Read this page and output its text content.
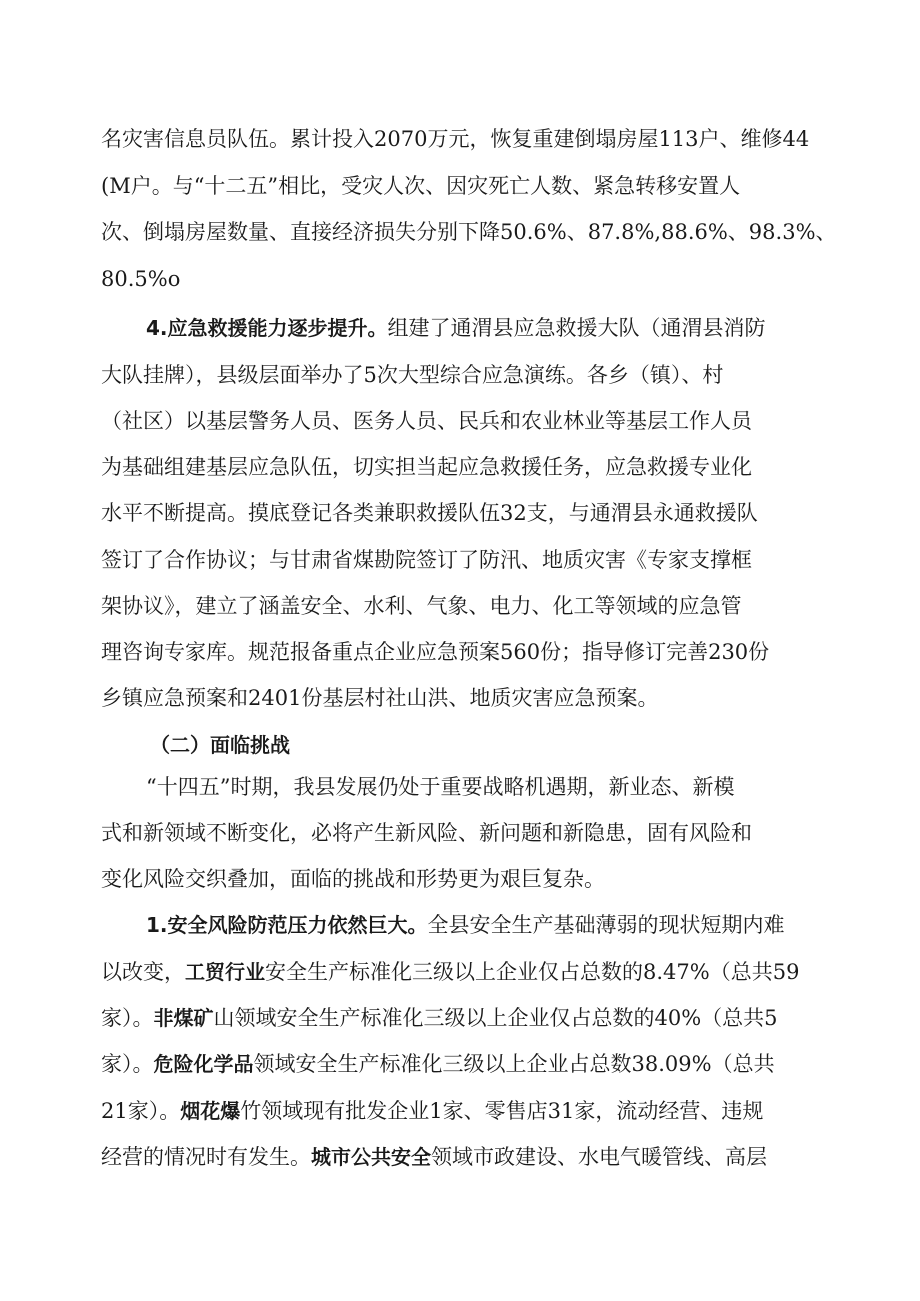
名灾害信息员队伍。累计投入2070万元，恢复重建倒塌房屋113户、维修44
(M户。与“十二五”相比，受灾人次、因灾死亡人数、紧急转移安置人
次、倒塌房屋数量、直接经济损失分别下降50.6%、87.8%,88.6%、98.3%、
80.5%o
4.应急救援能力逐步提升。组建了通渭县应急救援大队（通渭县消防
大队挂牌），县级层面举办了5次大型综合应急演练。各乡（镇）、村
（社区）以基层警务人员、医务人员、民兵和农业林业等基层工作人员
为基础组建基层应急队伍，切实担当起应急救援任务，应急救援专业化
水平不断提高。摸底登记各类兼职救援队伍32支，与通渭县永通救援队
签订了合作协议；与甘肃省煤勘院签订了防汛、地质灾害《专家支撑框
架协议》，建立了涵盖安全、水利、气象、电力、化工等领域的应急管
理咨询专家库。规范报备重点企业应急预案560份；指导修订完善230份
乡镇应急预案和2401份基层村社山洪、地质灾害应急预案。
（二）面临挑战
“十四五”时期，我县发展仍处于重要战略机遇期，新业态、新模
式和新领域不断变化，必将产生新风险、新问题和新隐患，固有风险和
变化风险交织叠加，面临的挑战和形势更为艰巨复杂。
1.安全风险防范压力依然巨大。全县安全生产基础薄弱的现状短期内难
以改变，工贸行业安全生产标准化三级以上企业仅占总数的8.47%（总共59
家）。非煤矿山领域安全生产标准化三级以上企业仅占总数的40%（总共5
家）。危险化学品领域安全生产标准化三级以上企业占总数38.09%（总共
21家）。烟花爆竹领域现有批发企业1家、零售店31家，流动经营、违规
经营的情况时有发生。城市公共安全领域市政建设、水电气暖管线、高层
